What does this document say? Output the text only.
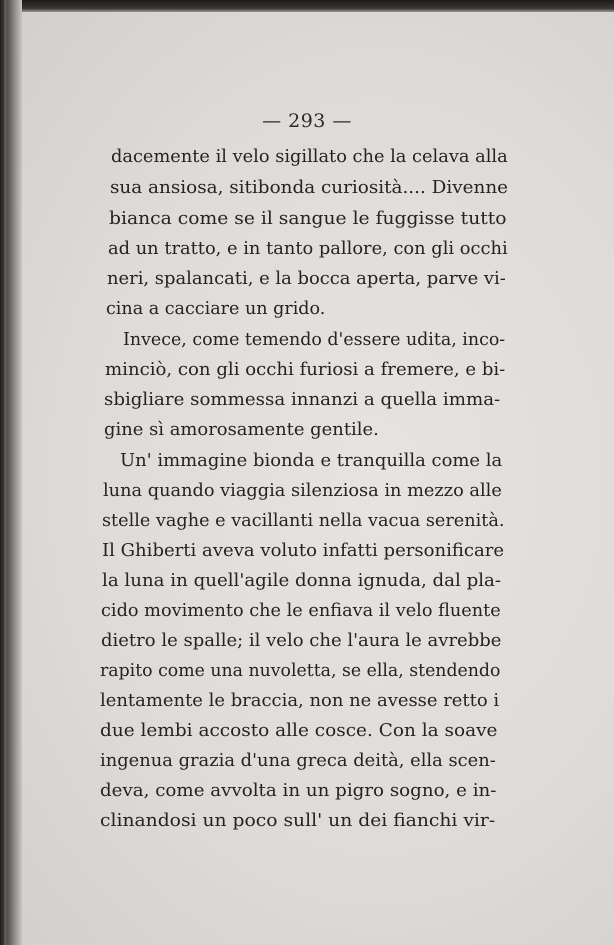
— 293 —
dacemente il velo sigillato che la celava alla
sua ansiosa, sitibonda curiosità.... Divenne
bianca come se il sangue le fuggisse tutto
ad un tratto, e in tanto pallore, con gli occhi
neri, spalancati, e la bocca aperta, parve vi-
cina a cacciare un grido.
Invece, come temendo d'essere udita, inco-
minciò, con gli occhi furiosi a fremere, e bi-
sbigliare sommessa innanzi a quella imma-
gine sì amorosamente gentile.
Un' immagine bionda e tranquilla come la
luna quando viaggia silenziosa in mezzo alle
stelle vaghe e vacillanti nella vacua serenità.
Il Ghiberti aveva voluto infatti personificare
la luna in quell'agile donna ignuda, dal pla-
cido movimento che le enfiava il velo fluente
dietro le spalle; il velo che l'aura le avrebbe
rapito come una nuvoletta, se ella, stendendo
lentamente le braccia, non ne avesse retto i
due lembi accosto alle cosce. Con la soave
ingenua grazia d'una greca deità, ella scen-
deva, come avvolta in un pigro sogno, e in-
clinandosi un poco sull' un dei fianchi vir-
